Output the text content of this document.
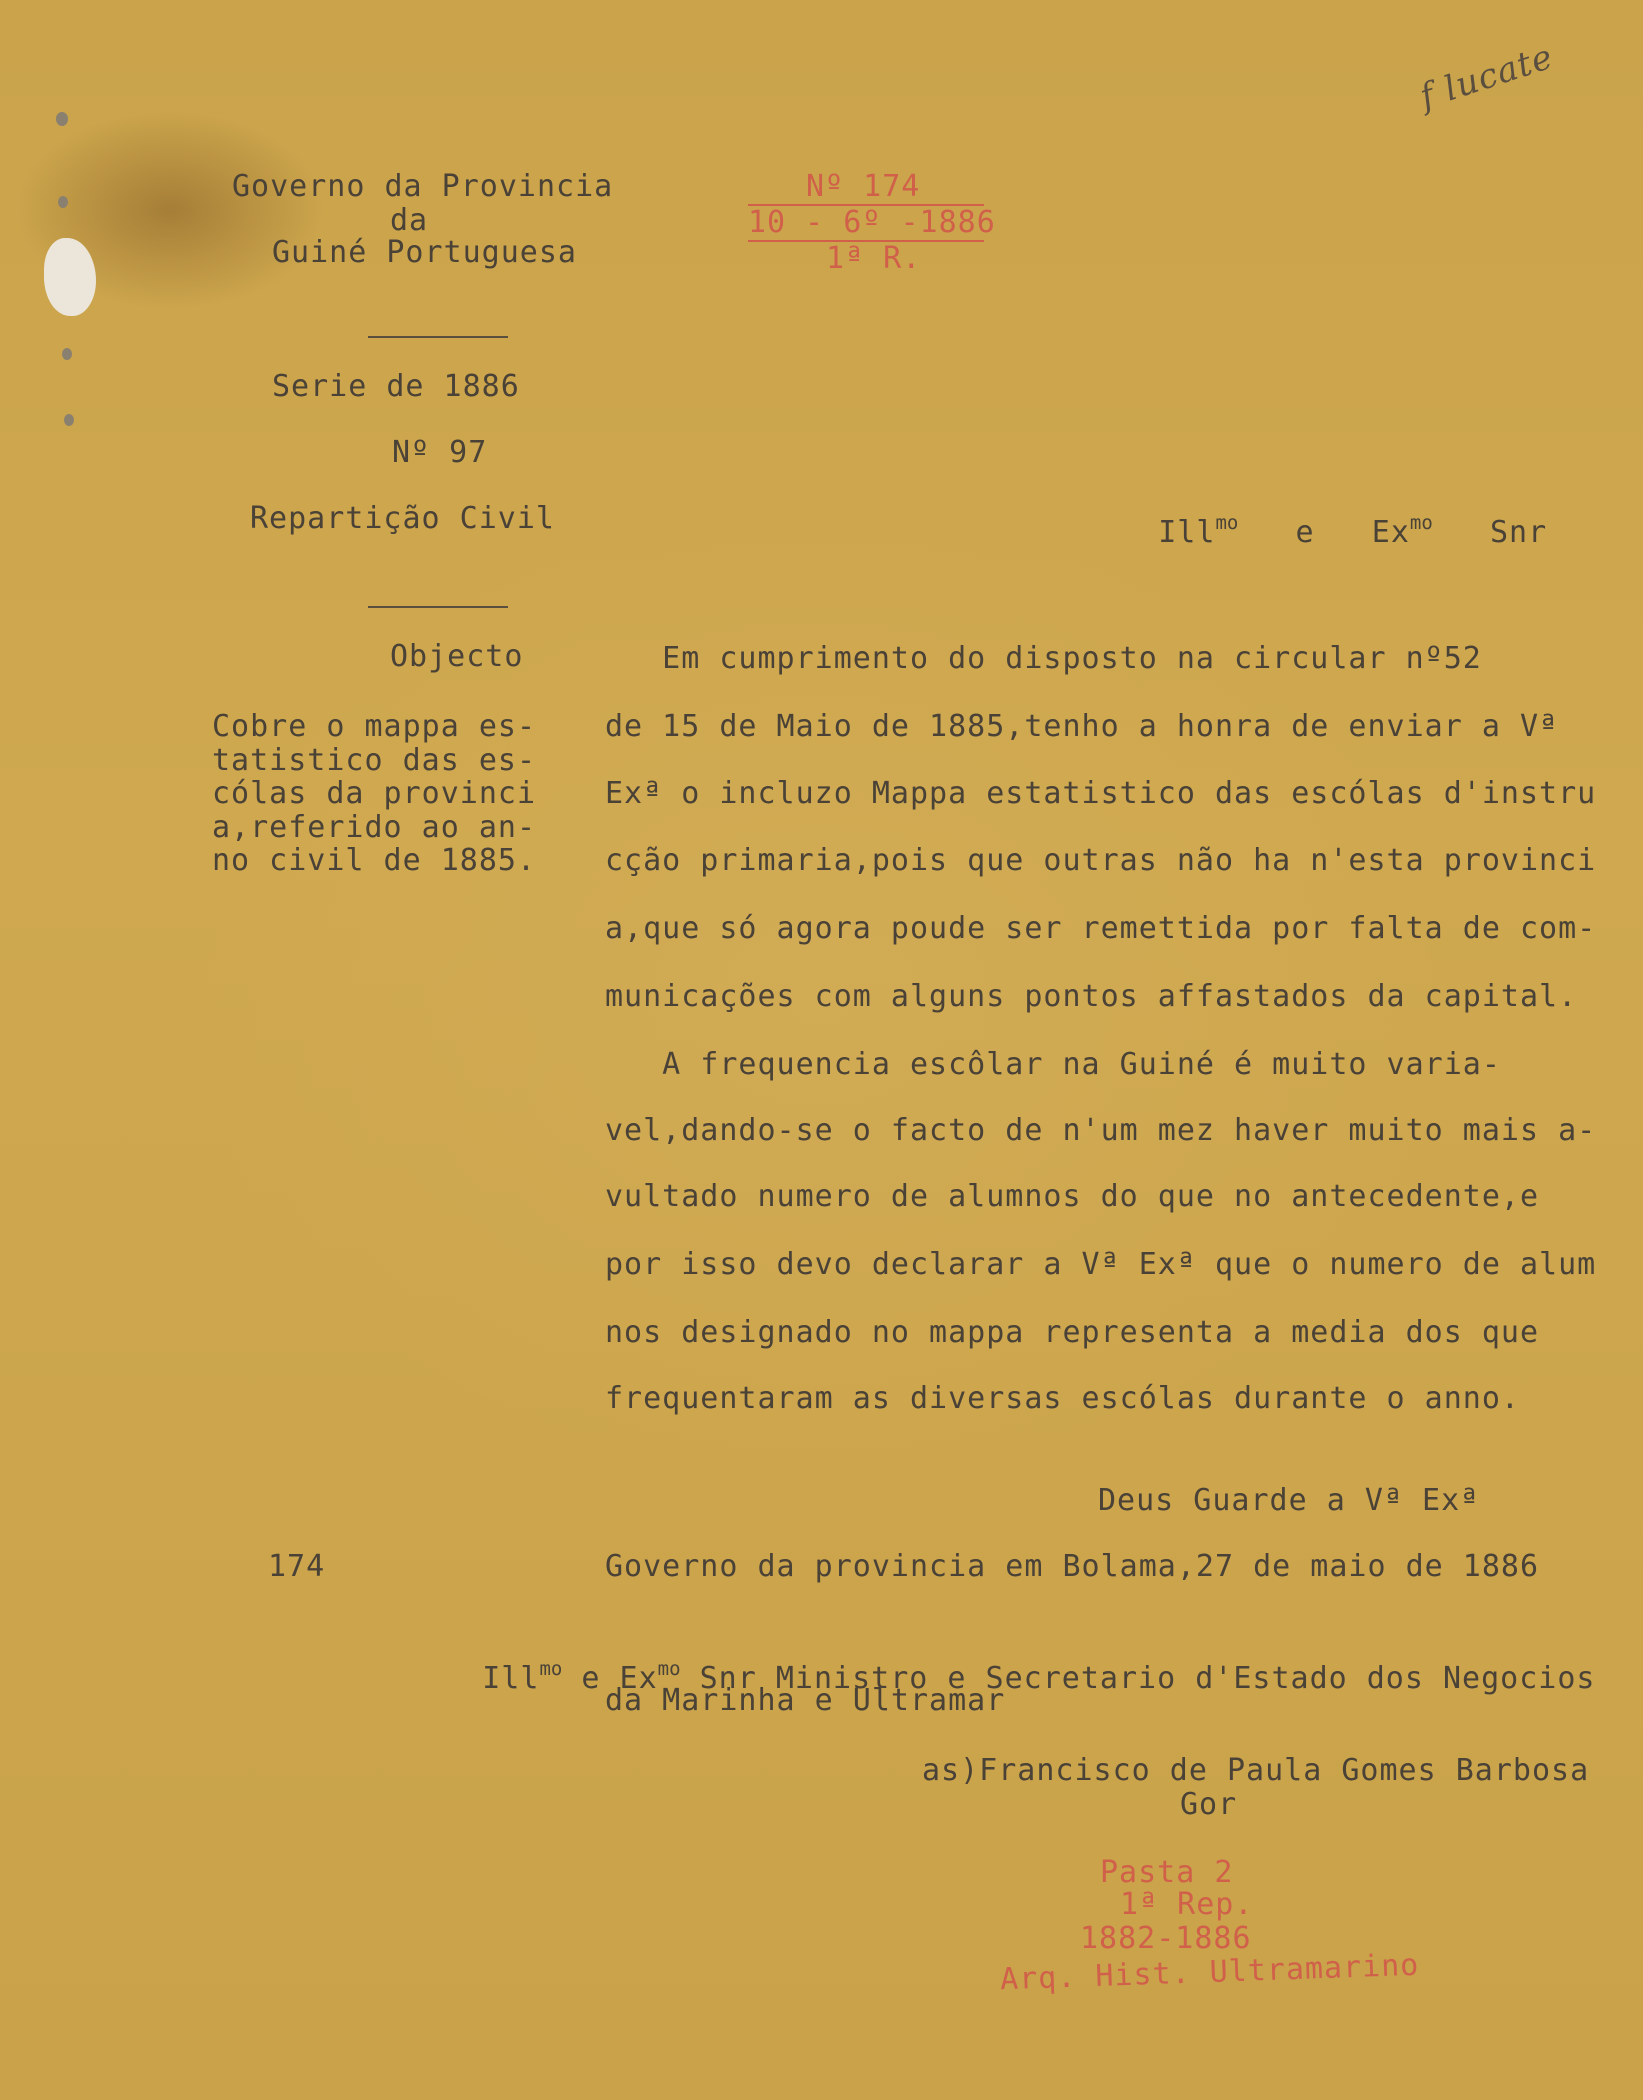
f lucate
Governo da Provincia
da
Guiné Portuguesa
Serie de 1886
Nº 97
Repartição Civil
Objecto
Cobre o mappa es-
tatistico das es-
cólas da provinci
a,referido ao an-
no civil de 1885.
Nº 174
10 - 6º -1886
1ª R.

Ill$^{mo}$ e $Ex^{mo}$ Snr

Em cumprimento do disposto na circular nº52
de 15 de Maio de 1885,tenho a honra de enviar a Vª
Exª o incluzo Mappa estatistico das escólas d'instru
cção primaria,pois que outras não ha n'esta provinci
a,que só agora poude ser remettida por falta de com-
municações com alguns pontos affastados da capital.
A frequencia escôlar na Guiné é muito varia-
vel,dando-se o facto de n'um mez haver muito mais a-
vultado numero de alumnos do que no antecedente,e
por isso devo declarar a Vª Exª que o numero de alum
nos designado no mappa representa a media dos que
frequentaram as diversas escólas durante o anno.
Deus Guarde a Vª Exª
174	Governo da provincia em Bolama,27 de maio de 1886

Ill$^{mo}$ e $Ex^{mo}$ Snr Ministro e Secretario d'Estado dos Negocios

da Marinha e Ultramar
as)Francisco de Paula Gomes Barbosa
Gor
Pasta 2
1ª Rep.
1882-1886
Arq. Hist. Ultramarino
